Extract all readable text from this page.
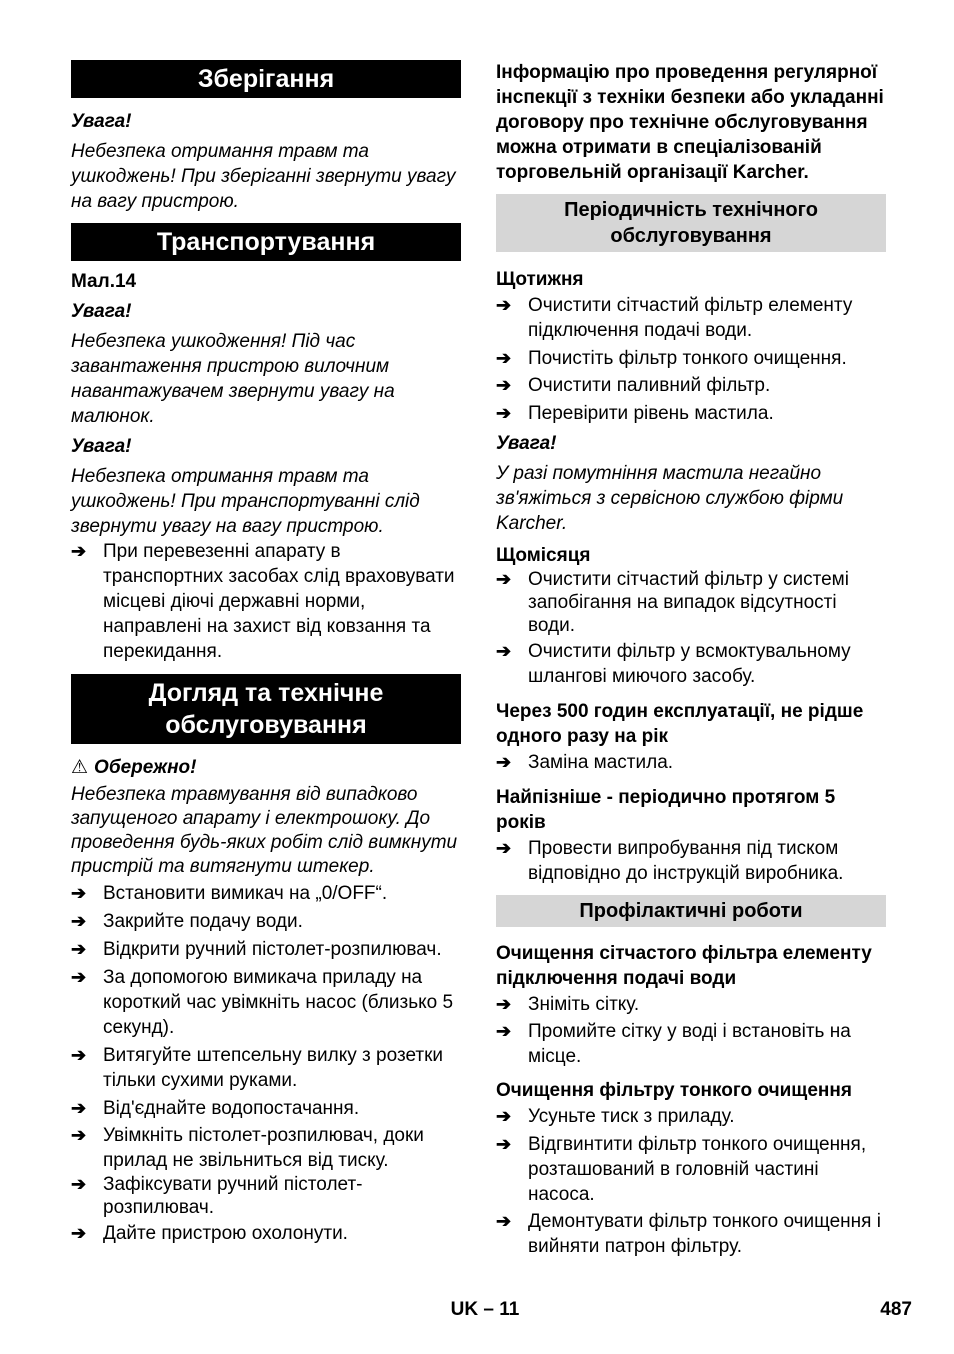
Зберігання

Увага!

Небезпека отримання травм та ушкоджень! При зберіганні звернути увагу на вагу пристрою.

Транспортування

Мал.14

Увага!

Небезпека ушкодження! Під час завантаження пристрою вилочним навантажувачем звернути увагу на малюнок.

Увага!

Небезпека отримання травм та ушкоджень! При транспортуванні слід звернути увагу на вагу пристрою.

➔ При перевезенні апарату в транспортних засобах слід враховувати місцеві діючі державні норми, направлені на захист від ковзання та перекидання.
Догляд та технічне обслуговування

⚠ Обережно!

Небезпека травмування від випадково запущеного апарату і електрошоку. До проведення будь-яких робіт слід вимкнути пристрій та витягнути штекер.

➔ Встановити вимикач на „0/OFF“.
➔ Закрийте подачу води.
➔ Відкрити ручний пістолет-розпилювач.
➔ За допомогою вимикача приладу на короткий час увімкніть насос (близько 5 секунд).
➔ Витягуйте штепсельну вилку з розетки тільки сухими руками.
➔ Від'єднайте водопостачання.
➔ Увімкніть пістолет-розпилювач, доки прилад не звільниться від тиску.
➔ Зафіксувати ручний пістолет-розпилювач.
➔ Дайте пристрою охолонути.

Інформацію про проведення регулярної інспекції з техніки безпеки або укладанні договору про технічне обслуговування можна отримати в спеціалізованій торговельній організації Karcher.

Періодичність технічного обслуговування

Щотижня

➔ Очистити сітчастий фільтр елементу підключення подачі води.
➔ Почистіть фільтр тонкого очищення.
➔ Очистити паливний фільтр.
➔ Перевірити рівень мастила.

Увага!

У разі помутніння мастила негайно зв'яжіться з сервісною службою фірми Karcher.

Щомісяця

➔ Очистити сітчастий фільтр у системі запобігання на випадок відсутності води.
➔ Очистити фільтр у всмоктувальному шлангові миючого засобу.

Через 500 годин експлуатації, не рідше одного разу на рік

➔ Заміна мастила.

Найпізніше - періодично протягом 5 років

➔ Провести випробування під тиском відповідно до інструкцій виробника.
Профілактичні роботи

Очищення сітчастого фільтра елементу підключення подачі води

➔ Зніміть сітку.
➔ Промийте сітку у воді і встановіть на місце.

Очищення фільтру тонкого очищення

➔ Усуньте тиск з приладу.
➔ Відгвинтити фільтр тонкого очищення, розташований в головній частині насоса.
➔ Демонтувати фільтр тонкого очищення і вийняти патрон фільтру.
UK – 11	487
